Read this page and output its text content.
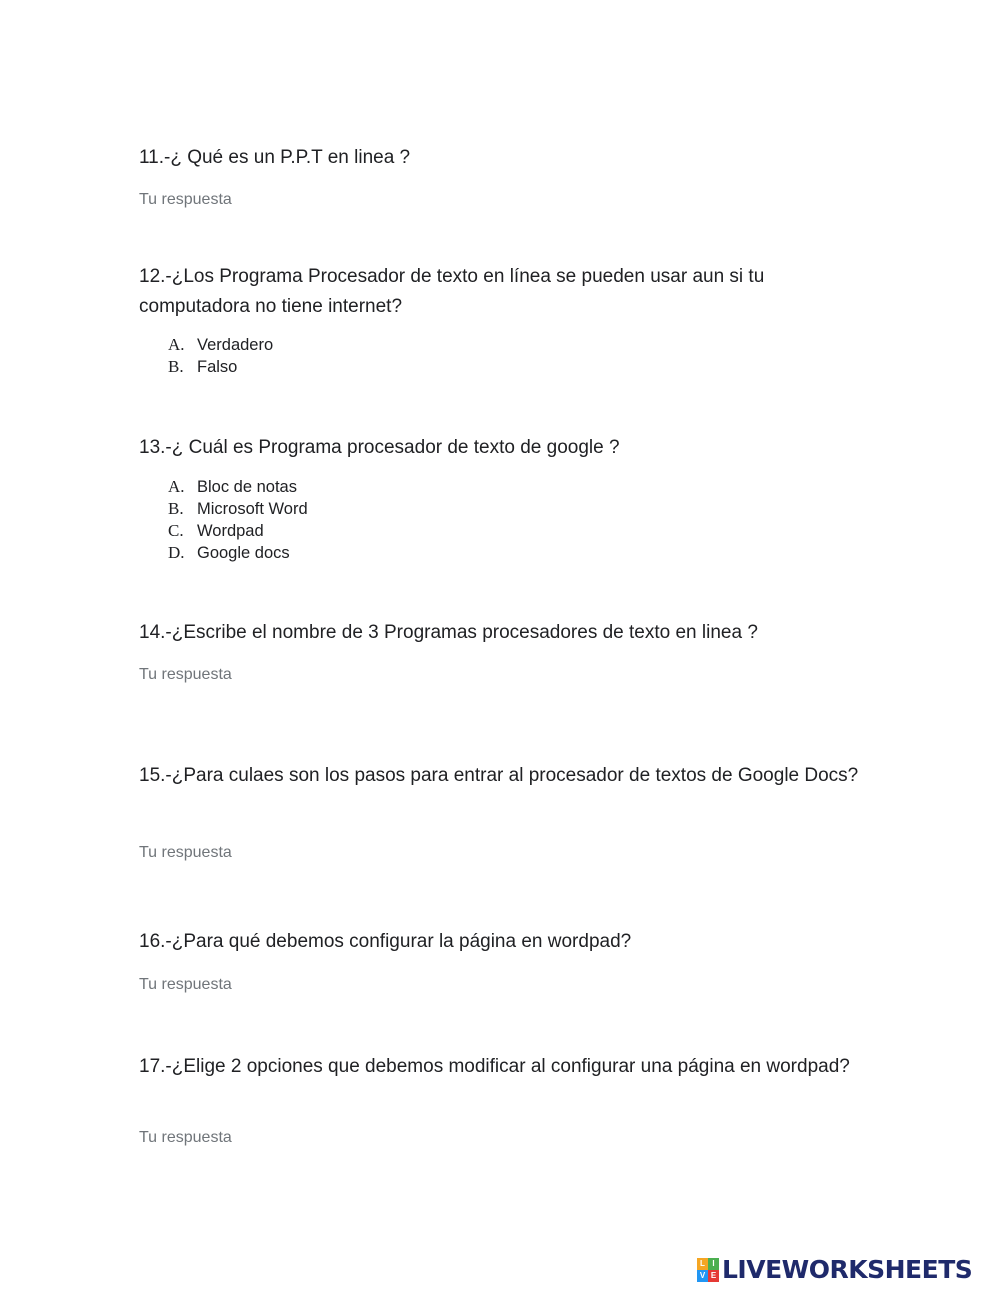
11.-¿ Qué es un P.P.T en linea ?
Tu respuesta
12.-¿Los Programa Procesador de texto en línea se pueden usar aun si tu computadora no tiene internet?
A. Verdadero
B. Falso
13.-¿ Cuál es Programa procesador de texto de google ?
A. Bloc de notas
B. Microsoft Word
C. Wordpad
D. Google docs
14.-¿Escribe el nombre de 3 Programas procesadores de texto en linea ?
Tu respuesta
15.-¿Para culaes son los pasos para entrar al procesador de textos de Google Docs?
Tu respuesta
16.-¿Para qué debemos configurar la página en wordpad?
Tu respuesta
17.-¿Elige 2 opciones que debemos modificar al configurar una página en wordpad?
Tu respuesta
L I
V E LIVEWORKSHEETS
